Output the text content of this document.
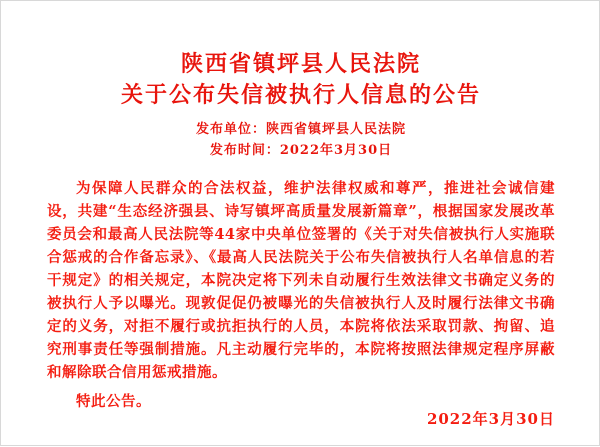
陕西省镇坪县人民法院
关于公布失信被执行人信息的公告
发布单位：陕西省镇坪县人民法院
发布时间：2022年3月30日

为保障人民群众的合法权益，维护法律权威和尊严，推进社会诚信建设，共建“生态经济强县、诗写镇坪高质量发展新篇章”，根据国家发展改革委员会和最高人民法院等44家中央单位签署的《关于对失信被执行人实施联合惩戒的合作备忘录》、《最高人民法院关于公布失信被执行人名单信息的若干规定》的相关规定，本院决定将下列未自动履行生效法律文书确定义务的被执行人予以曝光。现敦促促仍被曝光的失信被执行人及时履行法律文书确定的义务，对拒不履行或抗拒执行的人员，本院将依法采取罚款、拘留、追究刑事责任等强制措施。凡主动履行完毕的，本院将按照法律规定程序屏蔽和解除联合信用惩戒措施。

特此公告。

2022年3月30日
